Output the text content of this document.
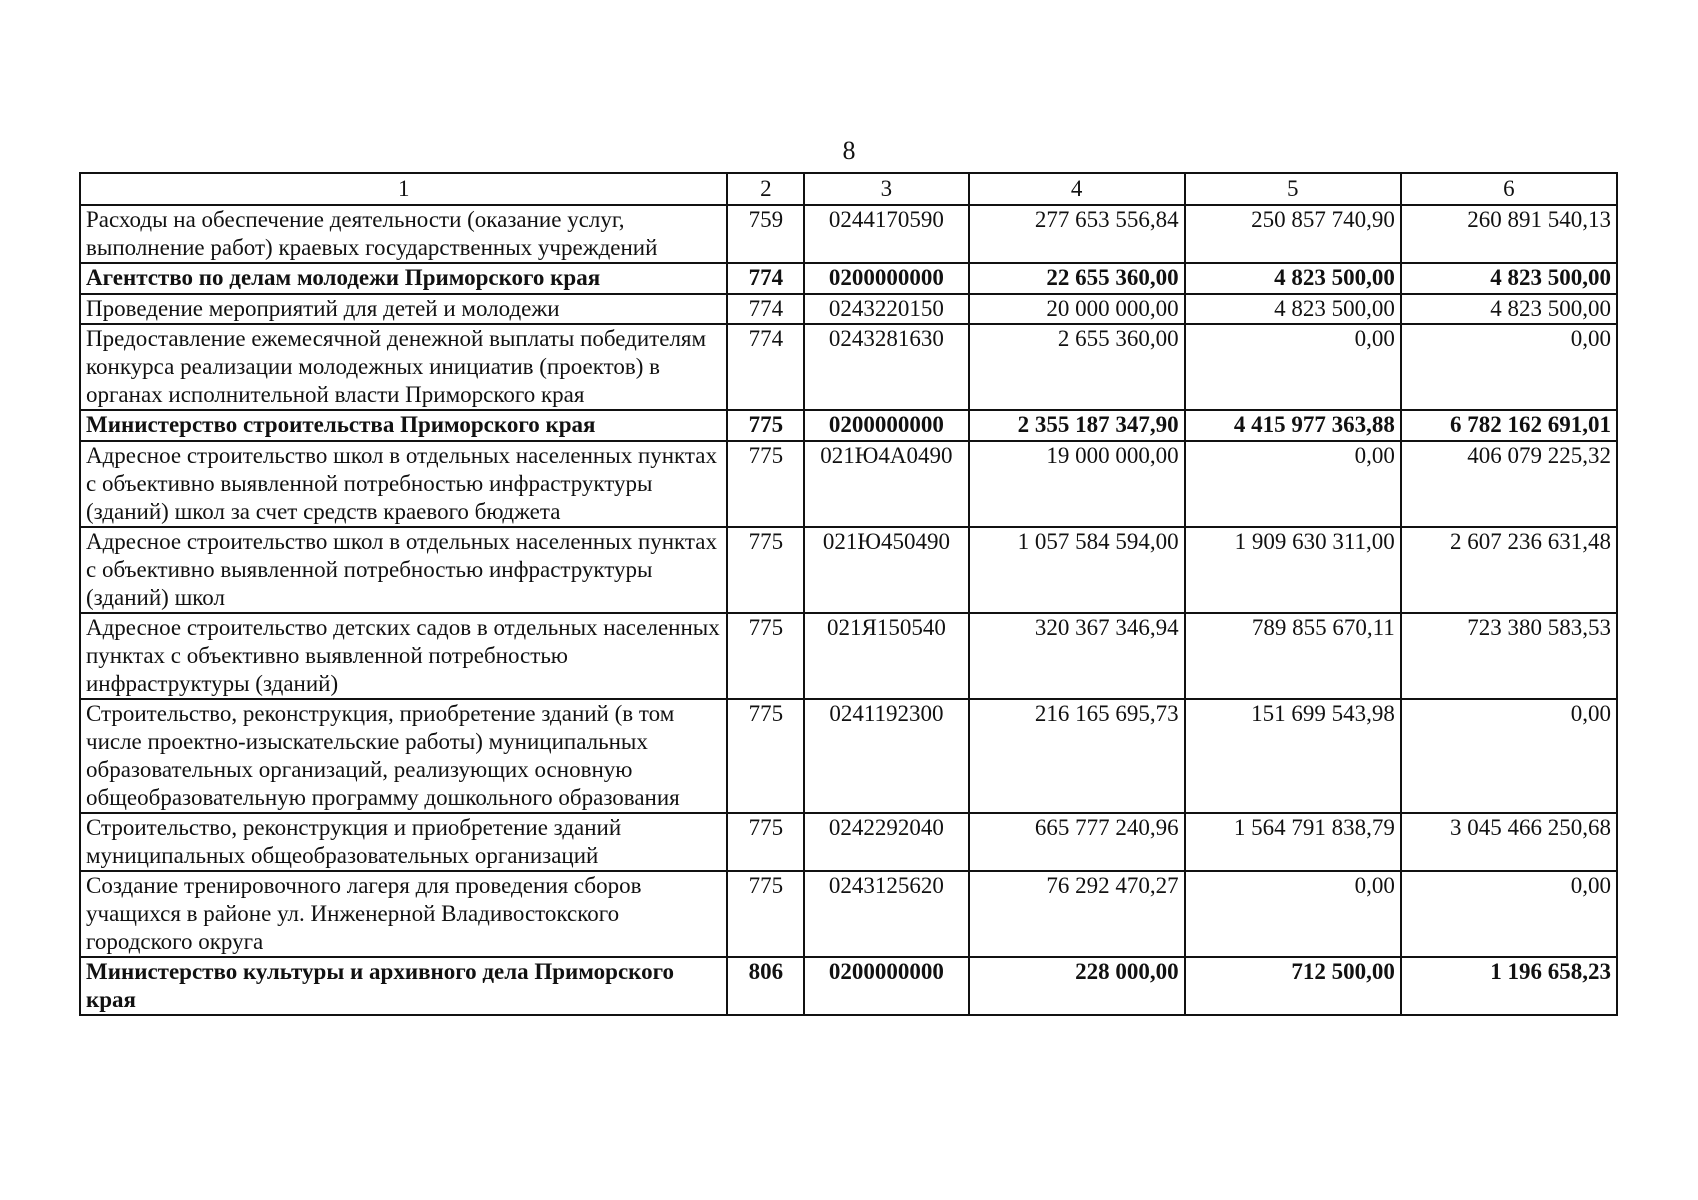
8
1	2	3	4	5	6
Расходы на обеспечение деятельности (оказание услуг, выполнение работ) краевых государственных учреждений	759	0244170590	277 653 556,84	250 857 740,90	260 891 540,13
Агентство по делам молодежи Приморского края	774	0200000000	22 655 360,00	4 823 500,00	4 823 500,00
Проведение мероприятий для детей и молодежи	774	0243220150	20 000 000,00	4 823 500,00	4 823 500,00
Предоставление ежемесячной денежной выплаты победителям конкурса реализации молодежных инициатив (проектов) в органах исполнительной власти Приморского края	774	0243281630	2 655 360,00	0,00	0,00
Министерство строительства Приморского края	775	0200000000	2 355 187 347,90	4 415 977 363,88	6 782 162 691,01
Адресное строительство школ в отдельных населенных пунктах с объективно выявленной потребностью инфраструктуры (зданий) школ за счет средств краевого бюджета	775	021Ю4А0490	19 000 000,00	0,00	406 079 225,32
Адресное строительство школ в отдельных населенных пунктах с объективно выявленной потребностью инфраструктуры (зданий) школ	775	021Ю450490	1 057 584 594,00	1 909 630 311,00	2 607 236 631,48
Адресное строительство детских садов в отдельных населенных пунктах с объективно выявленной потребностью инфраструктуры (зданий)	775	021Я150540	320 367 346,94	789 855 670,11	723 380 583,53
Строительство, реконструкция, приобретение зданий (в том числе проектно-изыскательские работы) муниципальных образовательных организаций, реализующих основную общеобразовательную программу дошкольного образования	775	0241192300	216 165 695,73	151 699 543,98	0,00
Строительство, реконструкция и приобретение зданий муниципальных общеобразовательных организаций	775	0242292040	665 777 240,96	1 564 791 838,79	3 045 466 250,68
Создание тренировочного лагеря для проведения сборов учащихся в районе ул. Инженерной Владивостокского городского округа	775	0243125620	76 292 470,27	0,00	0,00
Министерство культуры и архивного дела Приморского края	806	0200000000	228 000,00	712 500,00	1 196 658,23
